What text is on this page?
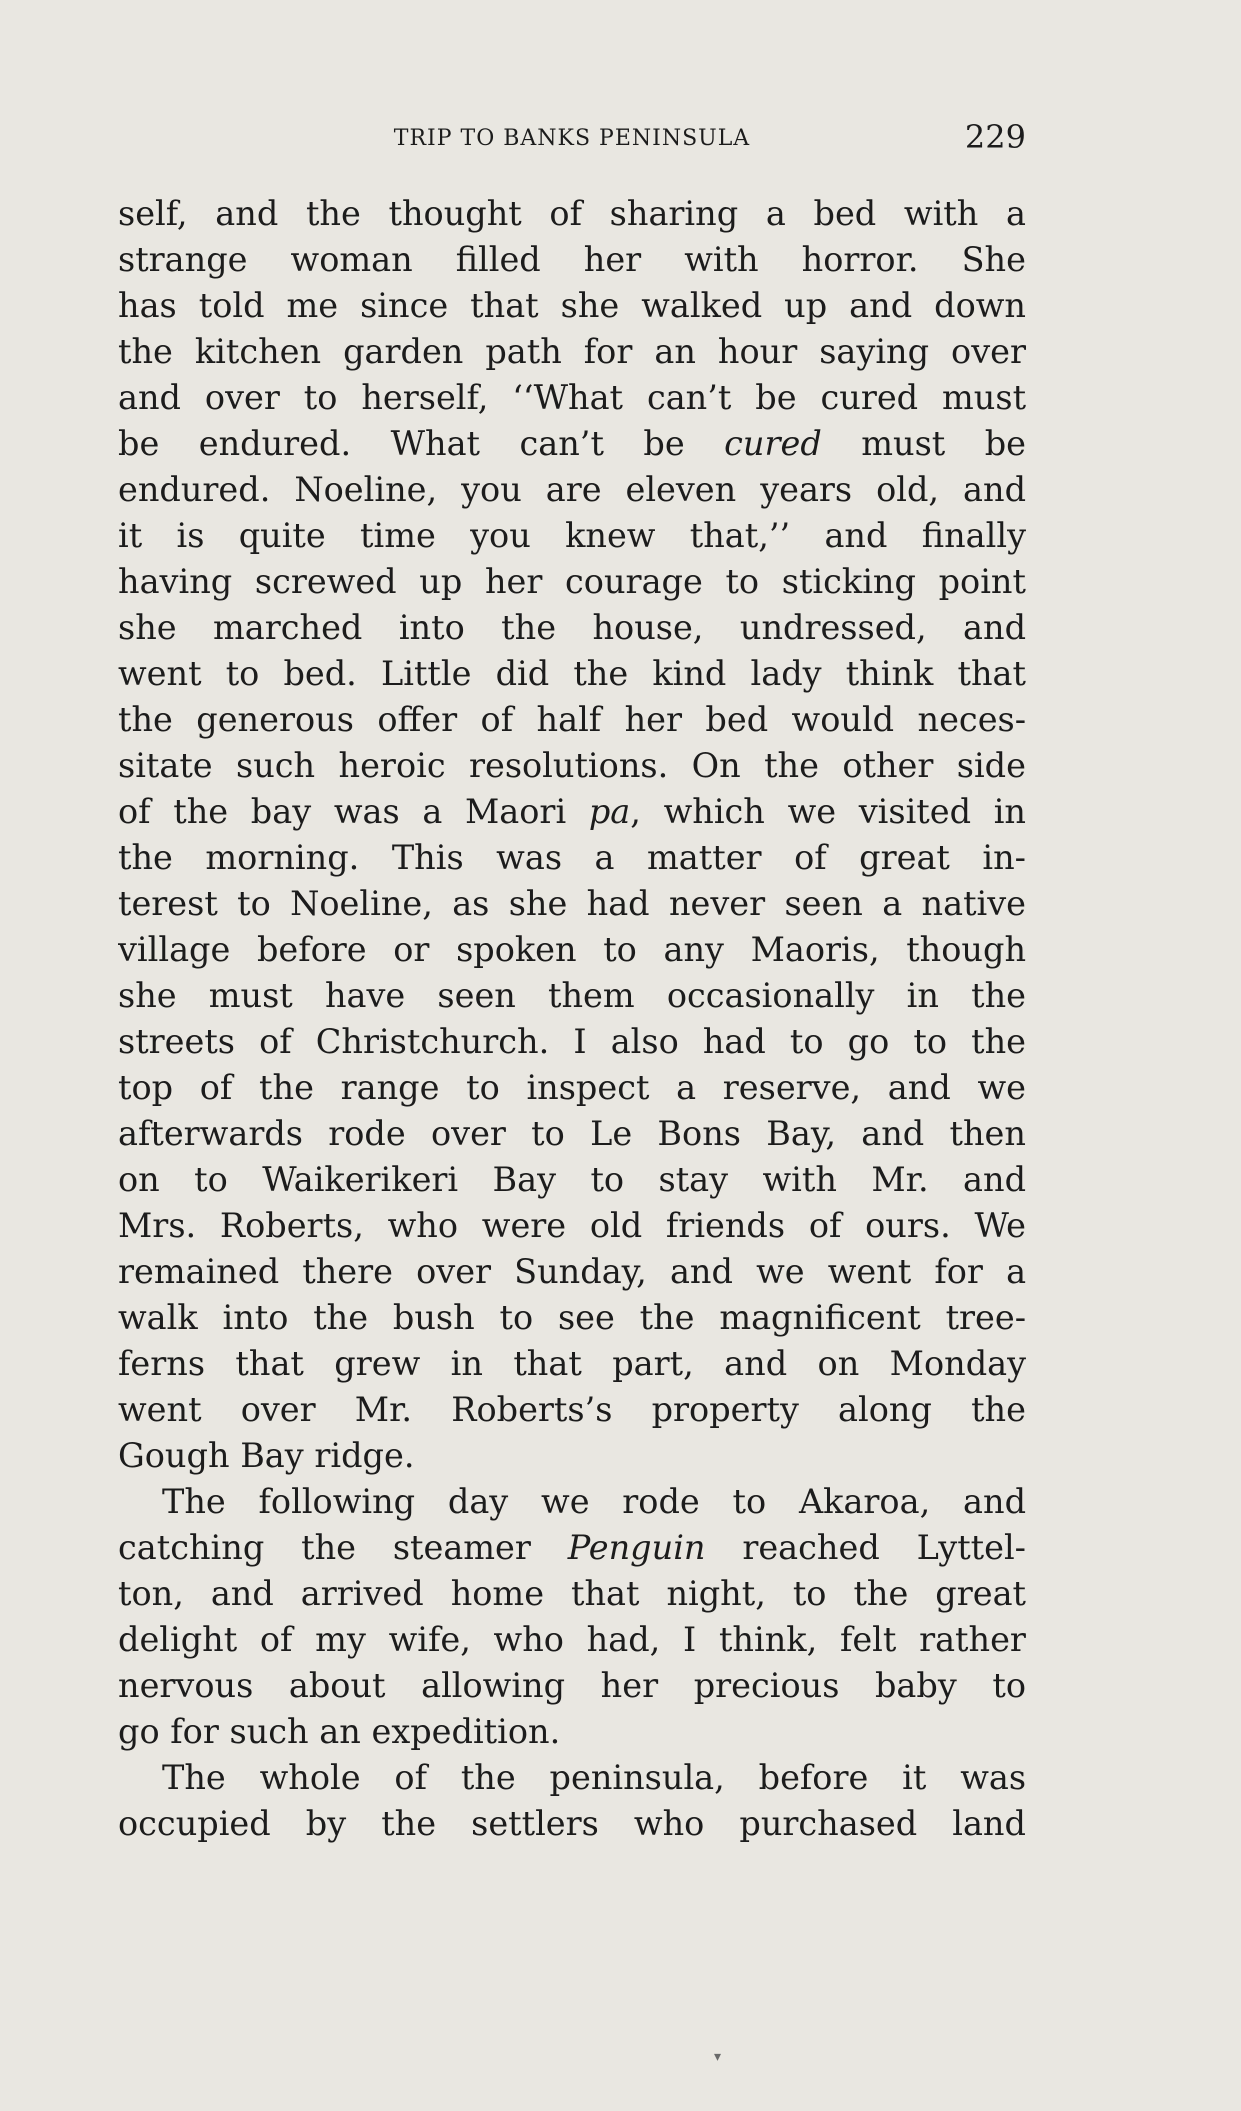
TRIP TO BANKS PENINSULA	229
self, and the thought of sharing a bed with a
strange woman filled her with horror. She
has told me since that she walked up and down
the kitchen garden path for an hour saying over
and over to herself, ‘‘What can’t be cured must
be endured. What can’t be cured must be
endured. Noeline, you are eleven years old, and
it is quite time you knew that,’’ and finally
having screwed up her courage to sticking point
she marched into the house, undressed, and
went to bed. Little did the kind lady think that
the generous offer of half her bed would neces-
sitate such heroic resolutions. On the other side
of the bay was a Maori pa, which we visited in
the morning. This was a matter of great in-
terest to Noeline, as she had never seen a native
village before or spoken to any Maoris, though
she must have seen them occasionally in the
streets of Christchurch. I also had to go to the
top of the range to inspect a reserve, and we
afterwards rode over to Le Bons Bay, and then
on to Waikerikeri Bay to stay with Mr. and
Mrs. Roberts, who were old friends of ours. We
remained there over Sunday, and we went for a
walk into the bush to see the magnificent tree-
ferns that grew in that part, and on Monday
went over Mr. Roberts’s property along the
Gough Bay ridge.
The following day we rode to Akaroa, and
catching the steamer Penguin reached Lyttel-
ton, and arrived home that night, to the great
delight of my wife, who had, I think, felt rather
nervous about allowing her precious baby to
go for such an expedition.
The whole of the peninsula, before it was
occupied by the settlers who purchased land
▾
